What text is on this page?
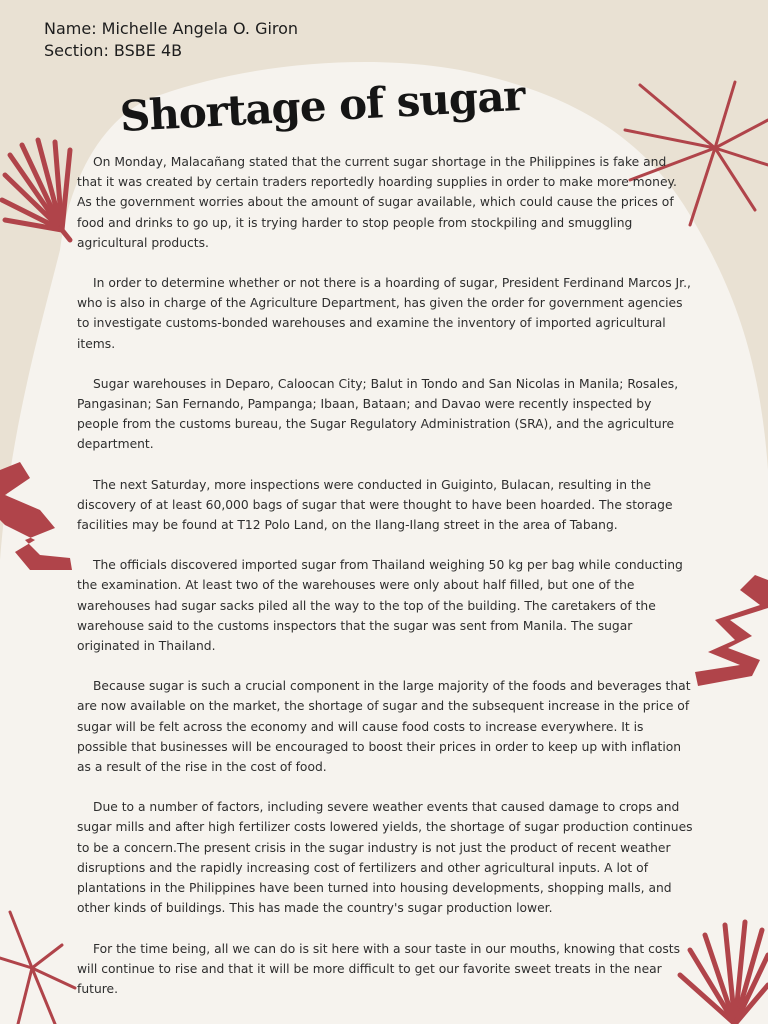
Name: Michelle Angela O. Giron
Section: BSBE 4B
Shortage of sugar

On Monday, Malacañang stated that the current sugar shortage in the Philippines is fake and that it was created by certain traders reportedly hoarding supplies in order to make more money. As the government worries about the amount of sugar available, which could cause the prices of food and drinks to go up, it is trying harder to stop people from stockpiling and smuggling agricultural products.

In order to determine whether or not there is a hoarding of sugar, President Ferdinand Marcos Jr., who is also in charge of the Agriculture Department, has given the order for government agencies to investigate customs-bonded warehouses and examine the inventory of imported agricultural items.

Sugar warehouses in Deparo, Caloocan City; Balut in Tondo and San Nicolas in Manila; Rosales, Pangasinan; San Fernando, Pampanga; Ibaan, Bataan; and Davao were recently inspected by people from the customs bureau, the Sugar Regulatory Administration (SRA), and the agriculture department.

The next Saturday, more inspections were conducted in Guiginto, Bulacan, resulting in the discovery of at least 60,000 bags of sugar that were thought to have been hoarded. The storage facilities may be found at T12 Polo Land, on the Ilang-Ilang street in the area of Tabang.

The officials discovered imported sugar from Thailand weighing 50 kg per bag while conducting the examination. At least two of the warehouses were only about half filled, but one of the warehouses had sugar sacks piled all the way to the top of the building. The caretakers of the warehouse said to the customs inspectors that the sugar was sent from Manila. The sugar originated in Thailand.

Because sugar is such a crucial component in the large majority of the foods and beverages that are now available on the market, the shortage of sugar and the subsequent increase in the price of sugar will be felt across the economy and will cause food costs to increase everywhere. It is possible that businesses will be encouraged to boost their prices in order to keep up with inflation as a result of the rise in the cost of food.

Due to a number of factors, including severe weather events that caused damage to crops and sugar mills and after high fertilizer costs lowered yields, the shortage of sugar production continues to be a concern.The present crisis in the sugar industry is not just the product of recent weather disruptions and the rapidly increasing cost of fertilizers and other agricultural inputs. A lot of plantations in the Philippines have been turned into housing developments, shopping malls, and other kinds of buildings. This has made the country's sugar production lower.

For the time being, all we can do is sit here with a sour taste in our mouths, knowing that costs will continue to rise and that it will be more difficult to get our favorite sweet treats in the near future.
